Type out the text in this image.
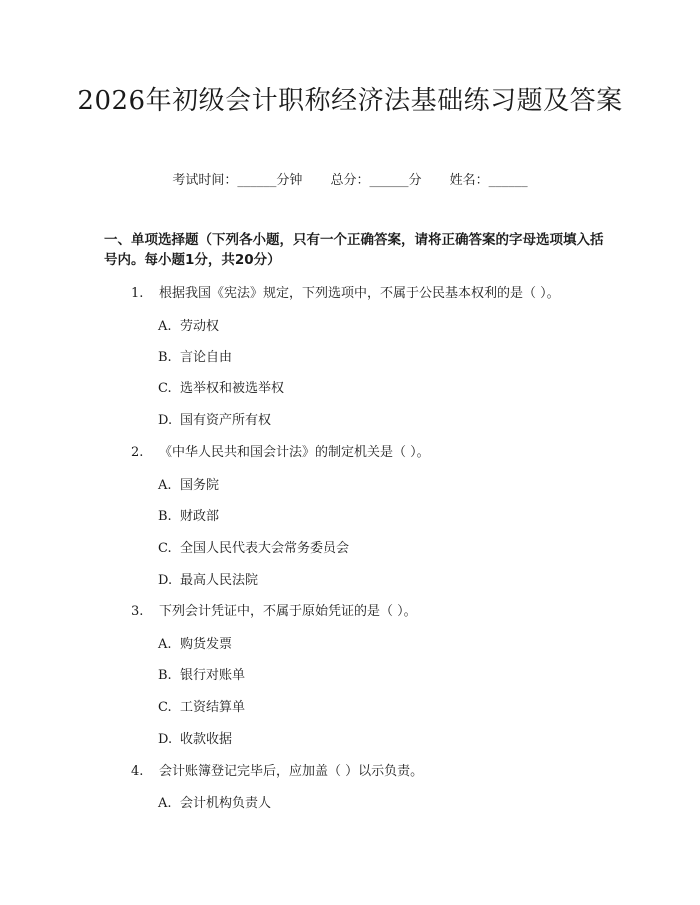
2026年初级会计职称经济法基础练习题及答案
考试时间：______分钟 总分：______分 姓名：______
一、单项选择题（下列各小题，只有一个正确答案，请将正确答案的字母选项填入括号内。每小题1分，共20分）
1. 根据我国《宪法》规定，下列选项中，不属于公民基本权利的是（ ）。
A. 劳动权
B. 言论自由
C. 选举权和被选举权
D. 国有资产所有权
2. 《中华人民共和国会计法》的制定机关是（ ）。
A. 国务院
B. 财政部
C. 全国人民代表大会常务委员会
D. 最高人民法院
3. 下列会计凭证中，不属于原始凭证的是（ ）。
A. 购货发票
B. 银行对账单
C. 工资结算单
D. 收款收据
4. 会计账簿登记完毕后，应加盖（ ）以示负责。
A. 会计机构负责人
